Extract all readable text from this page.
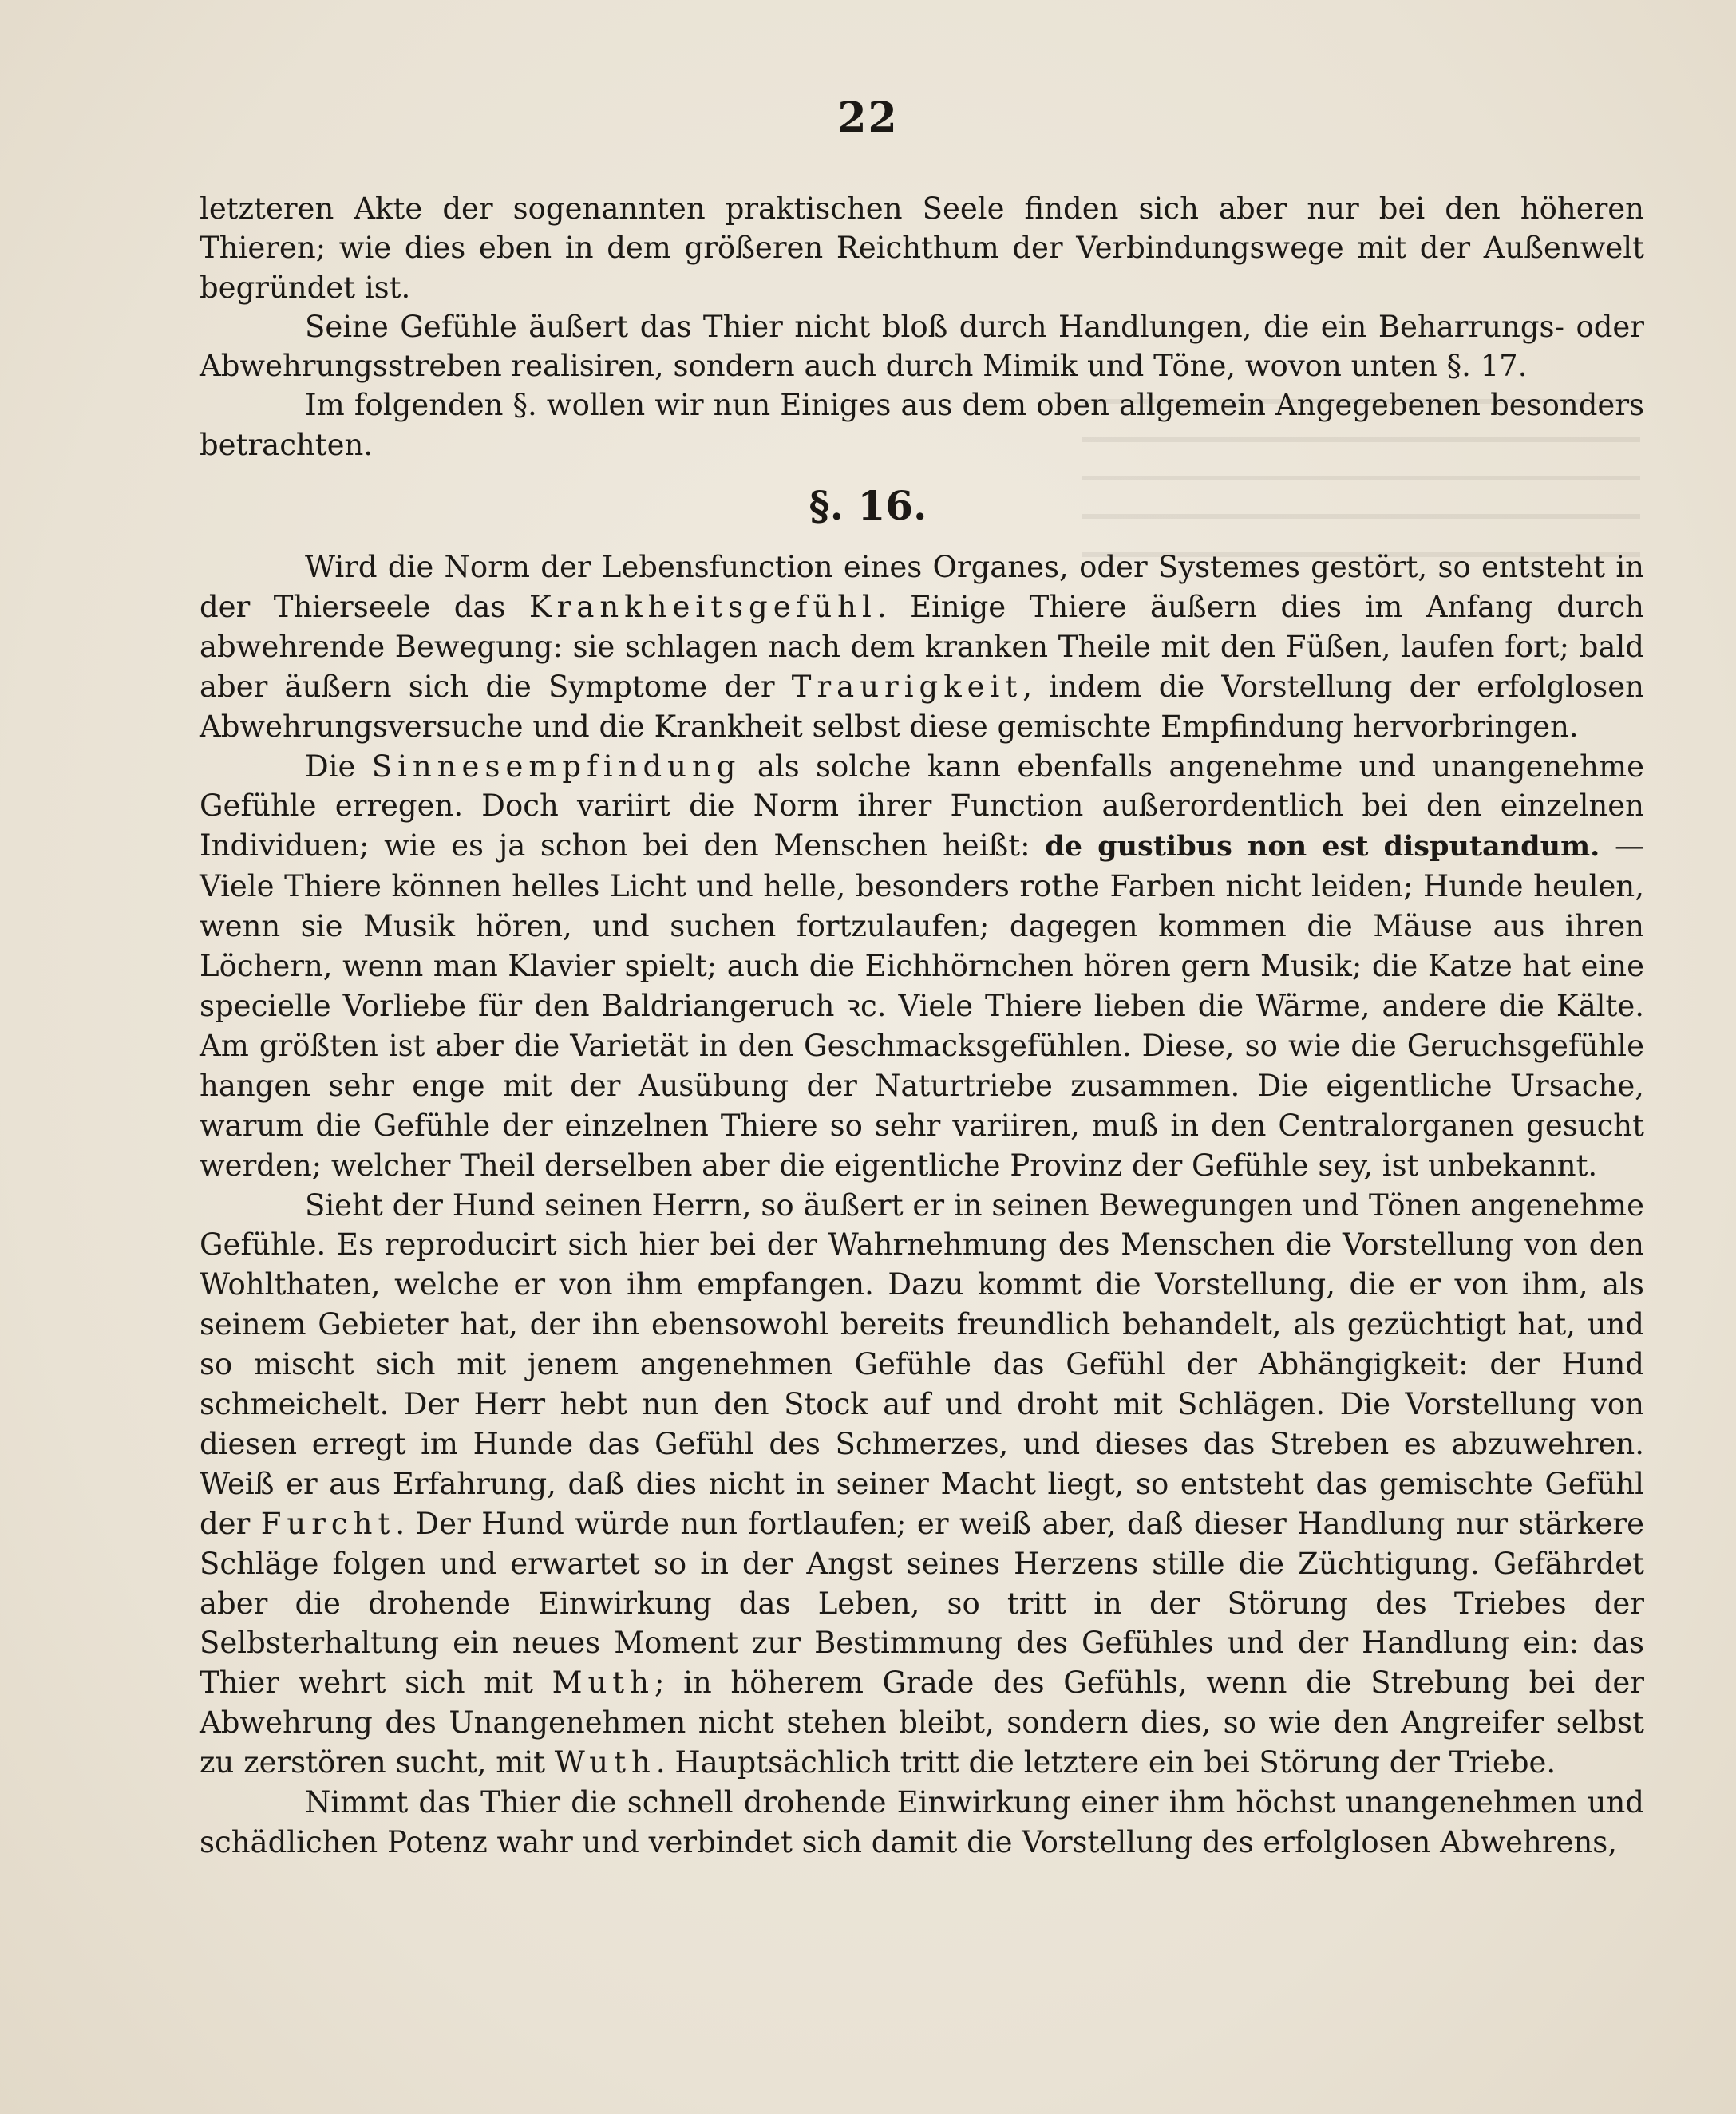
22

letzteren Akte der sogenannten praktischen Seele finden sich aber nur bei den höheren Thieren; wie dies eben in dem größeren Reichthum der Verbindungswege mit der Außenwelt begründet ist.

Seine Gefühle äußert das Thier nicht bloß durch Handlungen, die ein Beharrungs- oder Abwehrungsstreben realisiren, sondern auch durch Mimik und Töne, wovon unten §. 17.

Im folgenden §. wollen wir nun Einiges aus dem oben allgemein Angegebenen besonders betrachten.

§. 16.

Wird die Norm der Lebensfunction eines Organes, oder Systemes gestört, so entsteht in der Thierseele das Krankheitsgefühl. Einige Thiere äußern dies im Anfang durch abwehrende Bewegung: sie schlagen nach dem kranken Theile mit den Füßen, laufen fort; bald aber äußern sich die Symptome der Traurigkeit, indem die Vorstellung der erfolglosen Abwehrungsversuche und die Krankheit selbst diese gemischte Empfindung hervorbringen.

Die Sinnesempfindung als solche kann ebenfalls angenehme und unangenehme Gefühle erregen. Doch variirt die Norm ihrer Function außerordentlich bei den einzelnen Individuen; wie es ja schon bei den Menschen heißt: de gustibus non est disputandum. — Viele Thiere können helles Licht und helle, besonders rothe Farben nicht leiden; Hunde heulen, wenn sie Musik hören, und suchen fortzulaufen; dagegen kommen die Mäuse aus ihren Löchern, wenn man Klavier spielt; auch die Eichhörnchen hören gern Musik; die Katze hat eine specielle Vorliebe für den Baldriangeruch ꝛc. Viele Thiere lieben die Wärme, andere die Kälte. Am größten ist aber die Varietät in den Geschmacksgefühlen. Diese, so wie die Geruchsgefühle hangen sehr enge mit der Ausübung der Naturtriebe zusammen. Die eigentliche Ursache, warum die Gefühle der einzelnen Thiere so sehr variiren, muß in den Centralorganen gesucht werden; welcher Theil derselben aber die eigentliche Provinz der Gefühle sey, ist unbekannt.

Sieht der Hund seinen Herrn, so äußert er in seinen Bewegungen und Tönen angenehme Gefühle. Es reproducirt sich hier bei der Wahrnehmung des Menschen die Vorstellung von den Wohlthaten, welche er von ihm empfangen. Dazu kommt die Vorstellung, die er von ihm, als seinem Gebieter hat, der ihn ebensowohl bereits freundlich behandelt, als gezüchtigt hat, und so mischt sich mit jenem angenehmen Gefühle das Gefühl der Abhängigkeit: der Hund schmeichelt. Der Herr hebt nun den Stock auf und droht mit Schlägen. Die Vorstellung von diesen erregt im Hunde das Gefühl des Schmerzes, und dieses das Streben es abzuwehren. Weiß er aus Erfahrung, daß dies nicht in seiner Macht liegt, so entsteht das gemischte Gefühl der Furcht. Der Hund würde nun fortlaufen; er weiß aber, daß dieser Handlung nur stärkere Schläge folgen und erwartet so in der Angst seines Herzens stille die Züchtigung. Gefährdet aber die drohende Einwirkung das Leben, so tritt in der Störung des Triebes der Selbsterhaltung ein neues Moment zur Bestimmung des Gefühles und der Handlung ein: das Thier wehrt sich mit Muth; in höherem Grade des Gefühls, wenn die Strebung bei der Abwehrung des Unangenehmen nicht stehen bleibt, sondern dies, so wie den Angreifer selbst zu zerstören sucht, mit Wuth. Hauptsächlich tritt die letztere ein bei Störung der Triebe.

Nimmt das Thier die schnell drohende Einwirkung einer ihm höchst unangenehmen und schädlichen Potenz wahr und verbindet sich damit die Vorstellung des erfolglosen Abwehrens,
